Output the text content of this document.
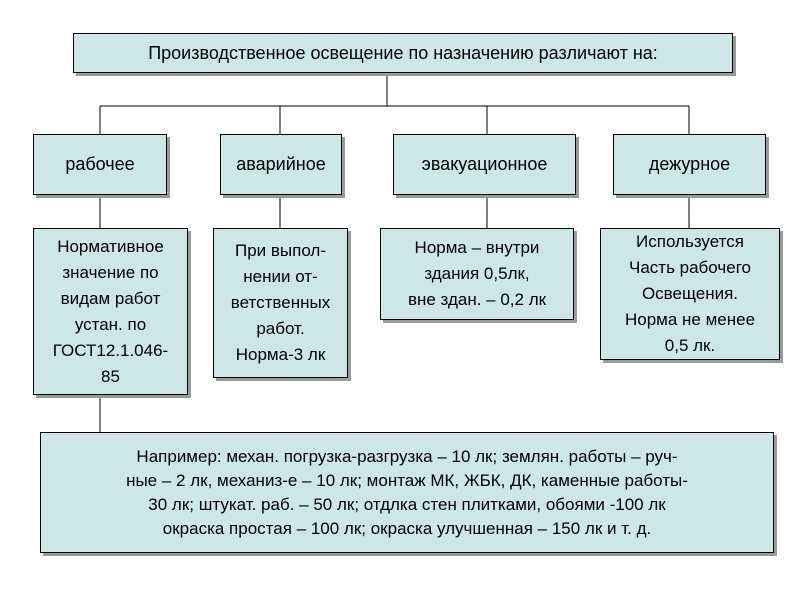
Производственное освещение по назначению различают на:
рабочее	аварийное	эвакуационное	дежурное
Нормативное
значение по
видам работ
устан. по
ГОСТ12.1.046-
85
При выпол-
нении от-
ветственных
работ.
Норма-3 лк
Норма – внутри
здания 0,5лк,
вне здан. – 0,2 лк
Используется
Часть рабочего
Освещения.
Норма не менее
0,5 лк.
Например: механ. погрузка-разгрузка – 10 лк; землян. работы – руч-
ные – 2 лк, механиз-е – 10 лк; монтаж МК, ЖБК, ДК, каменные работы-
30 лк; штукат. раб. – 50 лк; отдлка стен плитками, обоями -100 лк
окраска простая – 100 лк; окраска улучшенная – 150 лк и т. д.
